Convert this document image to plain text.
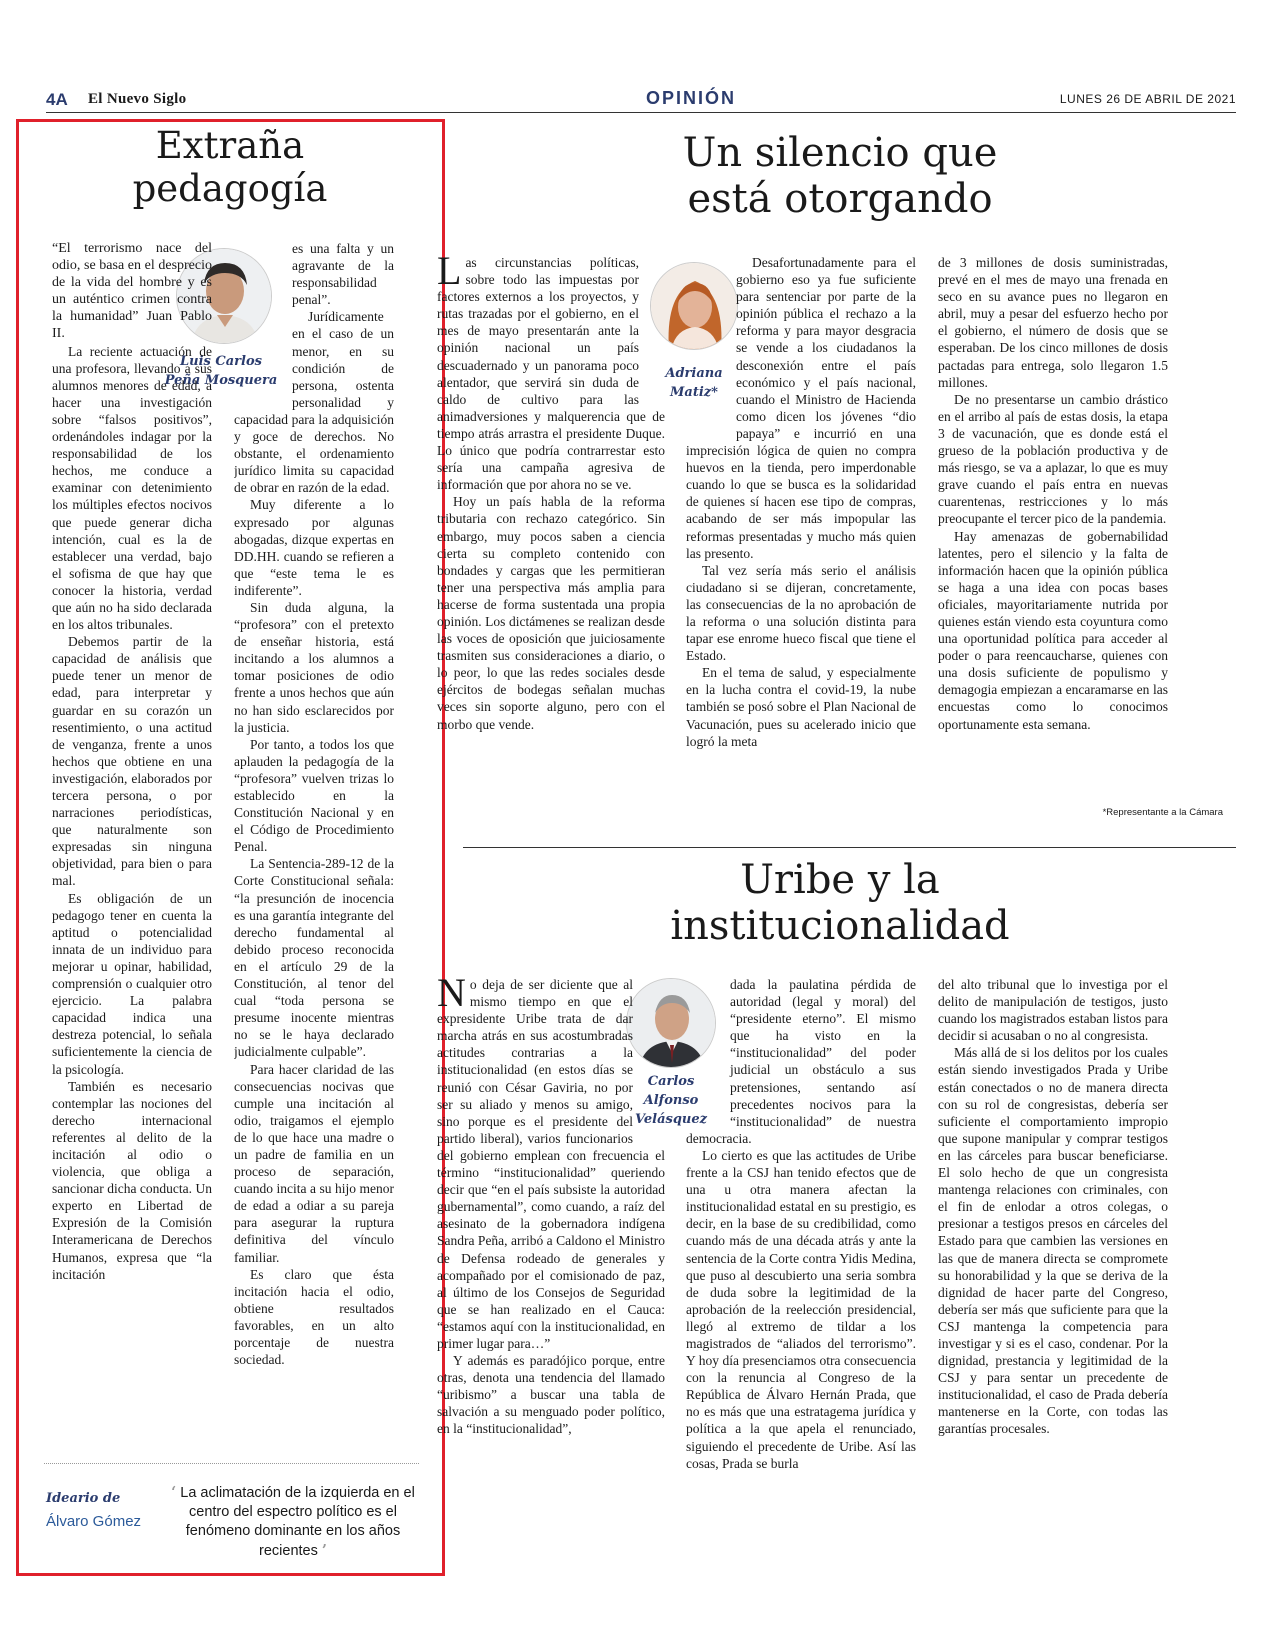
4A El Nuevo Siglo	OPINIÓN	LUNES 26 DE ABRIL DE 2021
Extraña
pedagogía
Luis Carlos
Peña Mosquera

“El terrorismo nace del odio, se basa en el desprecio de la vida del hombre y es un auténtico crimen contra la humanidad” Juan Pablo II.

La reciente actuación de una profesora, llevando a sus alumnos menores de edad, a hacer una investigación sobre “falsos positivos”, ordenándoles indagar por la responsabilidad de los hechos, me conduce a examinar con detenimiento los múltiples efectos nocivos que puede generar dicha intención, cual es la de establecer una verdad, bajo el sofisma de que hay que conocer la historia, verdad que aún no ha sido declarada en los altos tribunales.

Debemos partir de la capacidad de análisis que puede tener un menor de edad, para interpretar y guardar en su corazón un resentimiento, o una actitud de venganza, frente a unos hechos que obtiene en una investigación, elaborados por tercera persona, o por narraciones periodísticas, que naturalmente son expresadas sin ninguna objetividad, para bien o para mal.

Es obligación de un pedagogo tener en cuenta la aptitud o potencialidad innata de un individuo para mejorar u opinar, habilidad, comprensión o cualquier otro ejercicio. La palabra capacidad indica una destreza potencial, lo señala suficientemente la ciencia de la psicología.

También es necesario contemplar las nociones del derecho internacional referentes al delito de la incitación al odio o violencia, que obliga a sancionar dicha conducta. Un experto en Libertad de Expresión de la Comisión Interamericana de Derechos Humanos, expresa que “la incitación

es una falta y un agravante de la responsabilidad penal”.

Jurídicamente en el caso de un menor, en su condición de persona, ostenta personalidad y capacidad para la adquisición y goce de derechos. No obstante, el ordenamiento jurídico limita su capacidad de obrar en razón de la edad.

Muy diferente a lo expresado por algunas abogadas, dizque expertas en DD.HH. cuando se refieren a que “este tema le es indiferente”.

Sin duda alguna, la “profesora” con el pretexto de enseñar historia, está incitando a los alumnos a tomar posiciones de odio frente a unos hechos que aún no han sido esclarecidos por la justicia.

Por tanto, a todos los que aplauden la pedagogía de la “profesora” vuelven trizas lo establecido en la Constitución Nacional y en el Código de Procedimiento Penal.

La Sentencia-289-12 de la Corte Constitucional señala: “la presunción de inocencia es una garantía integrante del derecho fundamental al debido proceso reconocida en el artículo 29 de la Constitución, al tenor del cual “toda persona se presume inocente mientras no se le haya declarado judicialmente culpable”.

Para hacer claridad de las consecuencias nocivas que cumple una incitación al odio, traigamos el ejemplo de lo que hace una madre o un padre de familia en un proceso de separación, cuando incita a su hijo menor de edad a odiar a su pareja para asegurar la ruptura definitiva del vínculo familiar.

Es claro que ésta incitación hacia el odio, obtiene resultados favorables, en un alto porcentaje de nuestra sociedad.

Ideario de
Álvaro Gómez
‘ La aclimatación de la izquierda en el centro del espectro político es el fenómeno dominante en los años recientes ’
Un silencio que
está otorgando
Adriana
Matiz*
L as circunstancias políticas, sobre todo las impuestas por factores externos a los proyectos, y rutas trazadas por el gobierno, en el mes de mayo presentarán ante la opinión nacional un país descuadernado y un panorama poco alentador, que servirá sin duda de caldo de cultivo para las animadversiones y malquerencia que de tiempo atrás arrastra el presidente Duque. Lo único que podría contrarrestar esto sería una campaña agresiva de información que por ahora no se ve.

Hoy un país habla de la reforma tributaria con rechazo categórico. Sin embargo, muy pocos saben a ciencia cierta su completo contenido con bondades y cargas que les permitieran tener una perspectiva más amplia para hacerse de forma sustentada una propia opinión. Los dictámenes se realizan desde las voces de oposición que juiciosamente trasmiten sus consideraciones a diario, o lo peor, lo que las redes sociales desde ejércitos de bodegas señalan muchas veces sin soporte alguno, pero con el morbo que vende.

Desafortunadamente para el gobierno eso ya fue suficiente para sentenciar por parte de la opinión pública el rechazo a la reforma y para mayor desgracia se vende a los ciudadanos la desconexión entre el país económico y el país nacional, cuando el Ministro de Hacienda como dicen los jóvenes “dio papaya” e incurrió en una imprecisión lógica de quien no compra huevos en la tienda, pero imperdonable cuando lo que se busca es la solidaridad de quienes sí hacen ese tipo de compras, acabando de ser más impopular las reformas presentadas y mucho más quien las presento.

Tal vez sería más serio el análisis ciudadano si se dijeran, concretamente, las consecuencias de la no aprobación de la reforma o una solución distinta para tapar ese enrome hueco fiscal que tiene el Estado.

En el tema de salud, y especialmente en la lucha contra el covid-19, la nube también se posó sobre el Plan Nacional de Vacunación, pues su acelerado inicio que logró la meta

de 3 millones de dosis suministradas, prevé en el mes de mayo una frenada en seco en su avance pues no llegaron en abril, muy a pesar del esfuerzo hecho por el gobierno, el número de dosis que se esperaban. De los cinco millones de dosis pactadas para entrega, solo llegaron 1.5 millones.

De no presentarse un cambio drástico en el arribo al país de estas dosis, la etapa 3 de vacunación, que es donde está el grueso de la población productiva y de más riesgo, se va a aplazar, lo que es muy grave cuando el país entra en nuevas cuarentenas, restricciones y lo más preocupante el tercer pico de la pandemia.

Hay amenazas de gobernabilidad latentes, pero el silencio y la falta de información hacen que la opinión pública se haga a una idea con pocas bases oficiales, mayoritariamente nutrida por quienes están viendo esta coyuntura como una oportunidad política para acceder al poder o para reencaucharse, quienes con una dosis suficiente de populismo y demagogia empiezan a encaramarse en las encuestas como lo conocimos oportunamente esta semana.

*Representante a la Cámara
Uribe y la
institucionalidad
Carlos
Alfonso
Velásquez
N o deja de ser diciente que al mismo tiempo en que el expresidente Uribe trata de dar marcha atrás en sus acostumbradas actitudes contrarias a la institucionalidad (en estos días se reunió con César Gaviria, no por ser su aliado y menos su amigo, sino porque es el presidente del partido liberal), varios funcionarios del gobierno emplean con frecuencia el término “institucionalidad” queriendo decir que “en el país subsiste la autoridad gubernamental”, como cuando, a raíz del asesinato de la gobernadora indígena Sandra Peña, arribó a Caldono el Ministro de Defensa rodeado de generales y acompañado por el comisionado de paz, al último de los Consejos de Seguridad que se han realizado en el Cauca: “estamos aquí con la institucionalidad, en primer lugar para…”

Y además es paradójico porque, entre otras, denota una tendencia del llamado “uribismo” a buscar una tabla de salvación a su menguado poder político, en la “institucionalidad”,

dada la paulatina pérdida de autoridad (legal y moral) del “presidente eterno”. El mismo que ha visto en la “institucionalidad” del poder judicial un obstáculo a sus pretensiones, sentando así precedentes nocivos para la “institucionalidad” de nuestra democracia.

Lo cierto es que las actitudes de Uribe frente a la CSJ han tenido efectos que de una u otra manera afectan la institucionalidad estatal en su prestigio, es decir, en la base de su credibilidad, como cuando más de una década atrás y ante la sentencia de la Corte contra Yidis Medina, que puso al descubierto una seria sombra de duda sobre la legitimidad de la aprobación de la reelección presidencial, llegó al extremo de tildar a los magistrados de “aliados del terrorismo”. Y hoy día presenciamos otra consecuencia con la renuncia al Congreso de la República de Álvaro Hernán Prada, que no es más que una estratagema jurídica y política a la que apela el renunciado, siguiendo el precedente de Uribe. Así las cosas, Prada se burla

del alto tribunal que lo investiga por el delito de manipulación de testigos, justo cuando los magistrados estaban listos para decidir si acusaban o no al congresista.

Más allá de si los delitos por los cuales están siendo investigados Prada y Uribe están conectados o no de manera directa con su rol de congresistas, debería ser suficiente el comportamiento impropio que supone manipular y comprar testigos en las cárceles para buscar beneficiarse. El solo hecho de que un congresista mantenga relaciones con criminales, con el fin de enlodar a otros colegas, o presionar a testigos presos en cárceles del Estado para que cambien las versiones en las que de manera directa se compromete su honorabilidad y la que se deriva de la dignidad de hacer parte del Congreso, debería ser más que suficiente para que la CSJ mantenga la competencia para investigar y si es el caso, condenar. Por la dignidad, prestancia y legitimidad de la CSJ y para sentar un precedente de institucionalidad, el caso de Prada debería mantenerse en la Corte, con todas las garantías procesales.
